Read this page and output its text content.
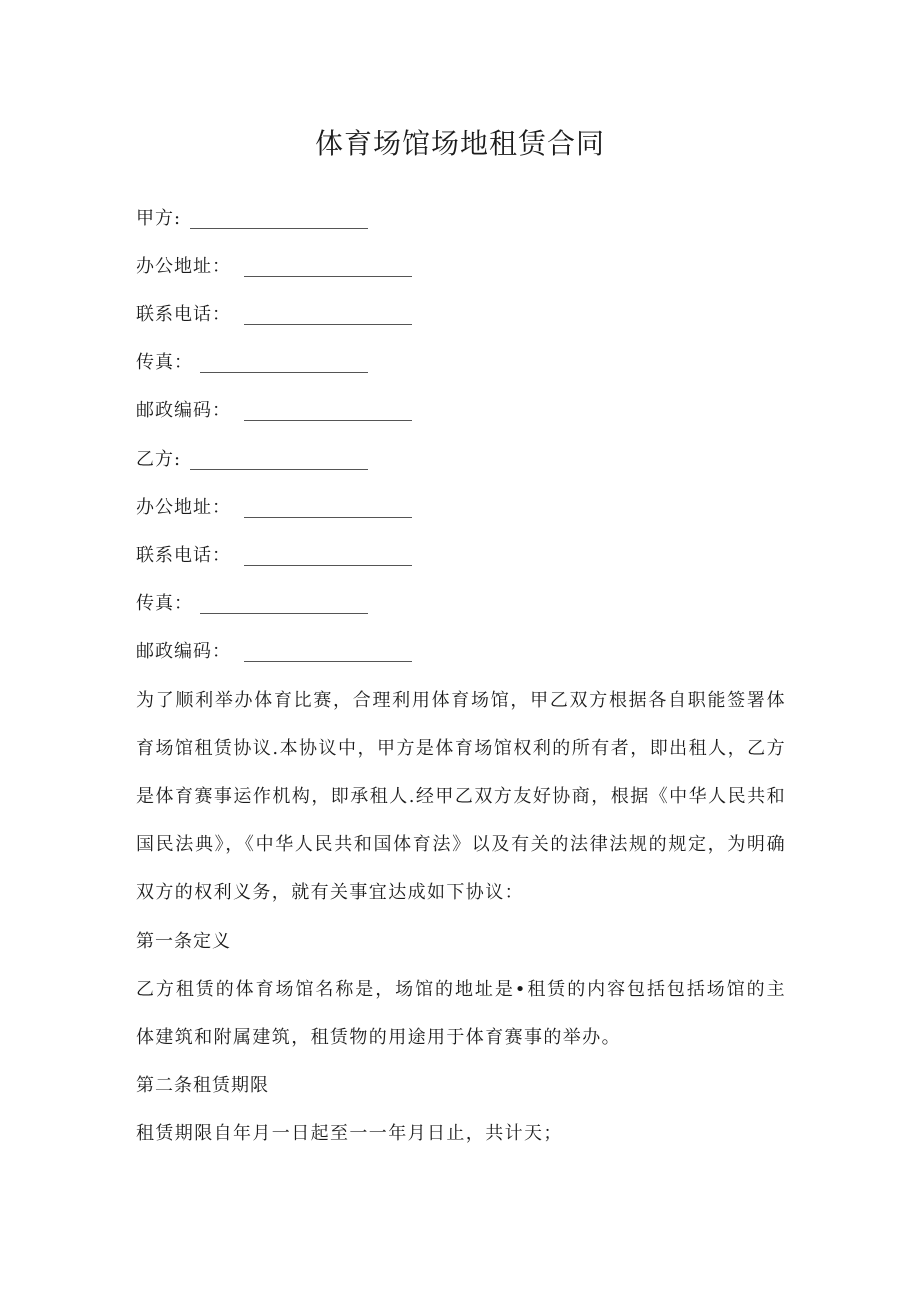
体育场馆场地租赁合同
甲方:
办公地址：
联系电话：
传真：
邮政编码：
乙方:
办公地址：
联系电话：
传真：
邮政编码：

为了顺利举办体育比赛，合理利用体育场馆，甲乙双方根据各自职能签署体育场馆租赁协议.本协议中，甲方是体育场馆权利的所有者，即出租人，乙方是体育赛事运作机构，即承租人.经甲乙双方友好协商，根据《中华人民共和国民法典》，《中华人民共和国体育法》以及有关的法律法规的规定，为明确双方的权利义务，就有关事宜达成如下协议：

第一条定义

乙方租赁的体育场馆名称是，场馆的地址是•租赁的内容包括包括场馆的主体建筑和附属建筑，租赁物的用途用于体育赛事的举办。

第二条租赁期限

租赁期限自年月一日起至一一年月日止，共计天；
